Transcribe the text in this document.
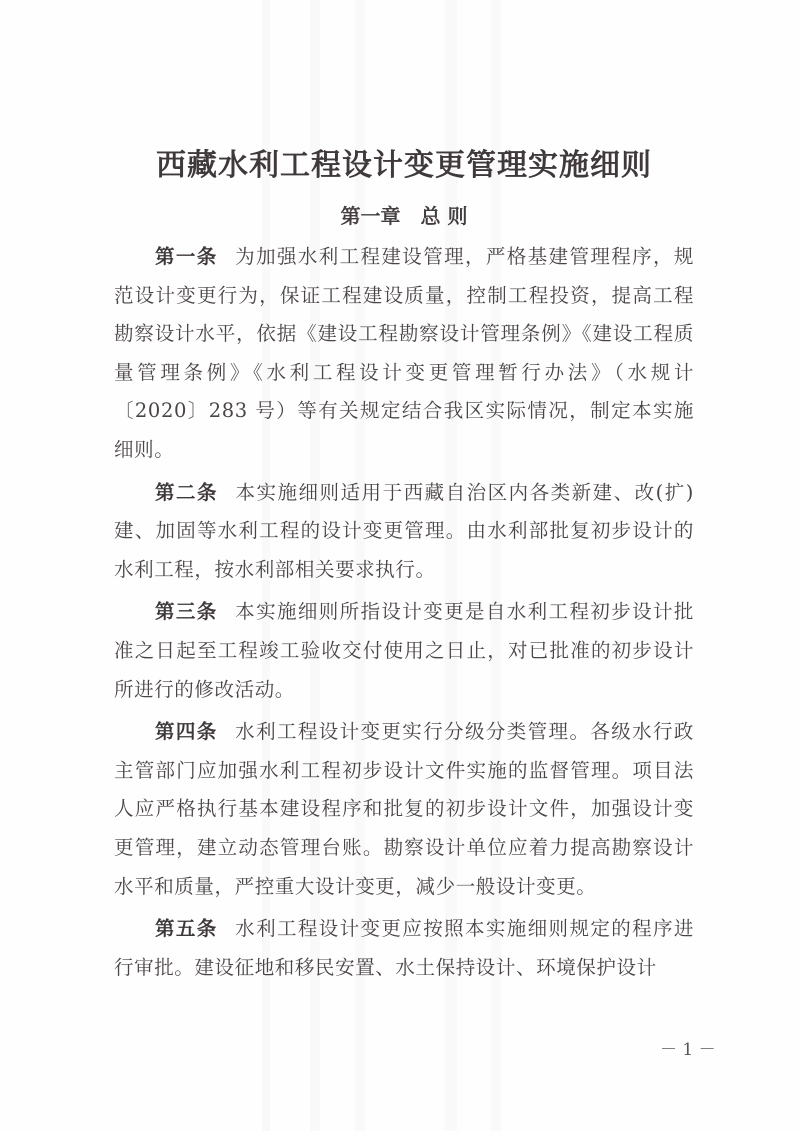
西藏水利工程设计变更管理实施细则
第一章　总 则

第一条 为加强水利工程建设管理，严格基建管理程序，规范设计变更行为，保证工程建设质量，控制工程投资，提高工程勘察设计水平，依据《建设工程勘察设计管理条例》《建设工程质量管理条例》《水利工程设计变更管理暂行办法》（水规计〔2020〕283 号）等有关规定结合我区实际情况，制定本实施细则。

第二条 本实施细则适用于西藏自治区内各类新建、改(扩)建、加固等水利工程的设计变更管理。由水利部批复初步设计的水利工程，按水利部相关要求执行。

第三条 本实施细则所指设计变更是自水利工程初步设计批准之日起至工程竣工验收交付使用之日止，对已批准的初步设计所进行的修改活动。

第四条 水利工程设计变更实行分级分类管理。各级水行政主管部门应加强水利工程初步设计文件实施的监督管理。项目法人应严格执行基本建设程序和批复的初步设计文件，加强设计变更管理，建立动态管理台账。勘察设计单位应着力提高勘察设计水平和质量，严控重大设计变更，减少一般设计变更。

第五条 水利工程设计变更应按照本实施细则规定的程序进行审批。建设征地和移民安置、水土保持设计、环境保护设计

－ 1 －
